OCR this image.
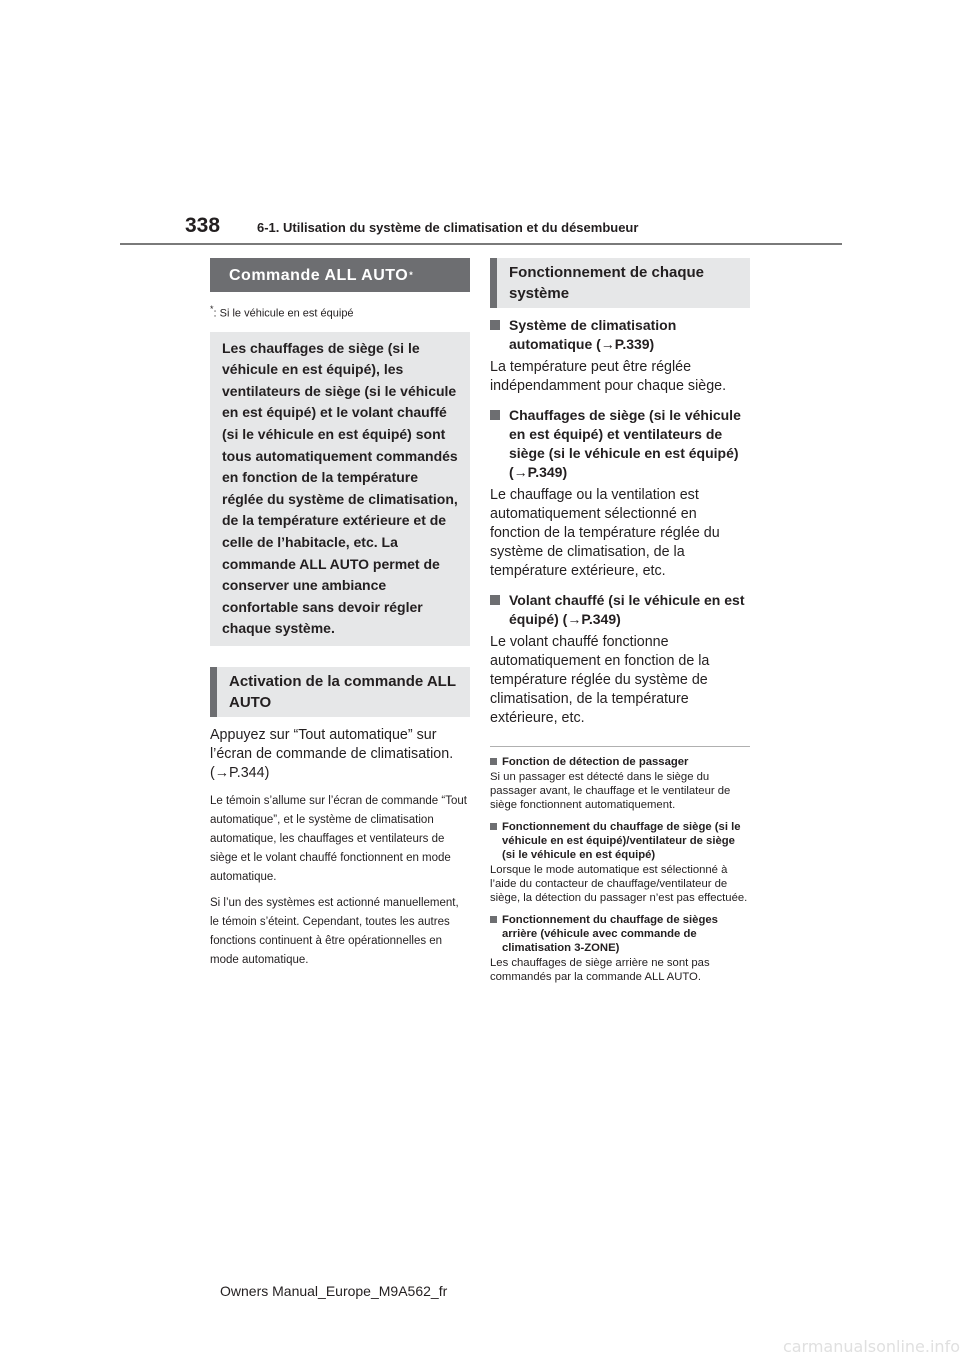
338	6-1. Utilisation du système de climatisation et du désembueur
Commande ALL AUTO *

*: Si le véhicule en est équipé

Les chauffages de siège (si le véhicule en est équipé), les ventilateurs de siège (si le véhicule en est équipé) et le volant chauffé (si le véhicule en est équipé) sont tous automatiquement commandés en fonction de la température réglée du système de climatisation, de la température extérieure et de celle de l’habitacle, etc. La commande ALL AUTO permet de conserver une ambiance confortable sans devoir régler chaque système.
Activation de la commande ALL AUTO

Appuyez sur “Tout automatique” sur l’écran de commande de climatisation. (→P.344)

Le témoin s’allume sur l’écran de commande “Tout automatique”, et le système de climatisation automatique, les chauffages et ventilateurs de siège et le volant chauffé fonctionnent en mode automatique.

Si l’un des systèmes est actionné manuellement, le témoin s’éteint. Cependant, toutes les autres fonctions continuent à être opérationnelles en mode automatique.

Fonctionnement de chaque système
Système de climatisation automatique (→P.339)

La température peut être réglée indépendamment pour chaque siège.

Chauffages de siège (si le véhicule en est équipé) et ventilateurs de siège (si le véhicule en est équipé) (→P.349)

Le chauffage ou la ventilation est automatiquement sélectionné en fonction de la température réglée du système de climatisation, de la température extérieure, etc.

Volant chauffé (si le véhicule en est équipé) (→P.349)

Le volant chauffé fonctionne automatiquement en fonction de la température réglée du système de climatisation, de la température extérieure, etc.

Fonction de détection de passager

Si un passager est détecté dans le siège du passager avant, le chauffage et le ventilateur de siège fonctionnent automatiquement.

Fonctionnement du chauffage de siège (si le véhicule en est équipé)/ventilateur de siège (si le véhicule en est équipé)

Lorsque le mode automatique est sélectionné à l’aide du contacteur de chauffage/ventilateur de siège, la détection du passager n’est pas effectuée.

Fonctionnement du chauffage de sièges arrière (véhicule avec commande de climatisation 3-ZONE)

Les chauffages de siège arrière ne sont pas commandés par la commande ALL AUTO.

Owners Manual_Europe_M9A562_fr
carmanualsonline.info
